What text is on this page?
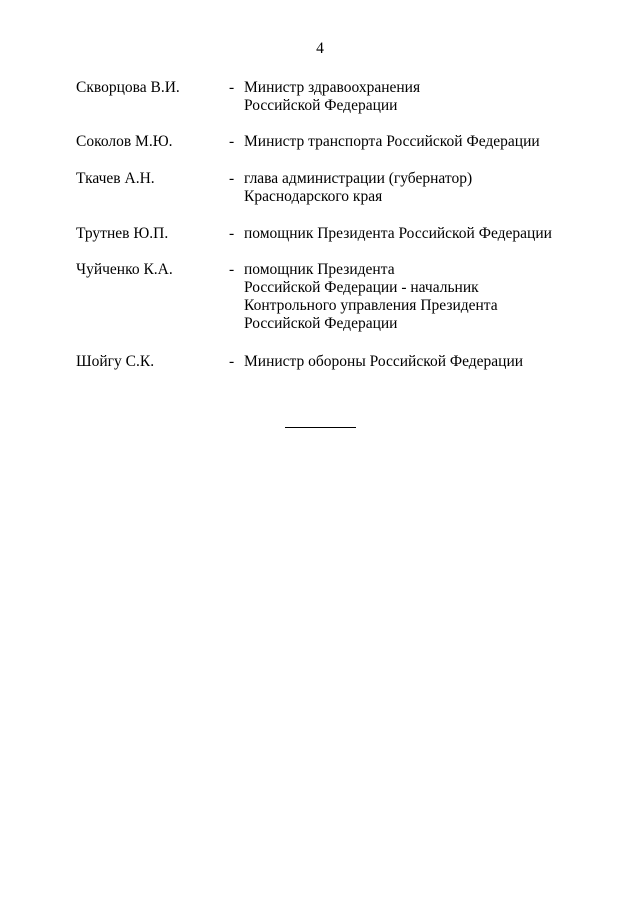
4
Скворцова В.И.	- Министр здравоохранения
Российской Федерации
Соколов М.Ю.	- Министр транспорта Российской Федерации
Ткачев А.Н.	- глава администрации (губернатор)
Краснодарского края
Трутнев Ю.П.	- помощник Президента Российской Федерации
Чуйченко К.А.	- помощник Президента
Российской Федерации - начальник
Контрольного управления Президента
Российской Федерации
Шойгу С.К.	- Министр обороны Российской Федерации
